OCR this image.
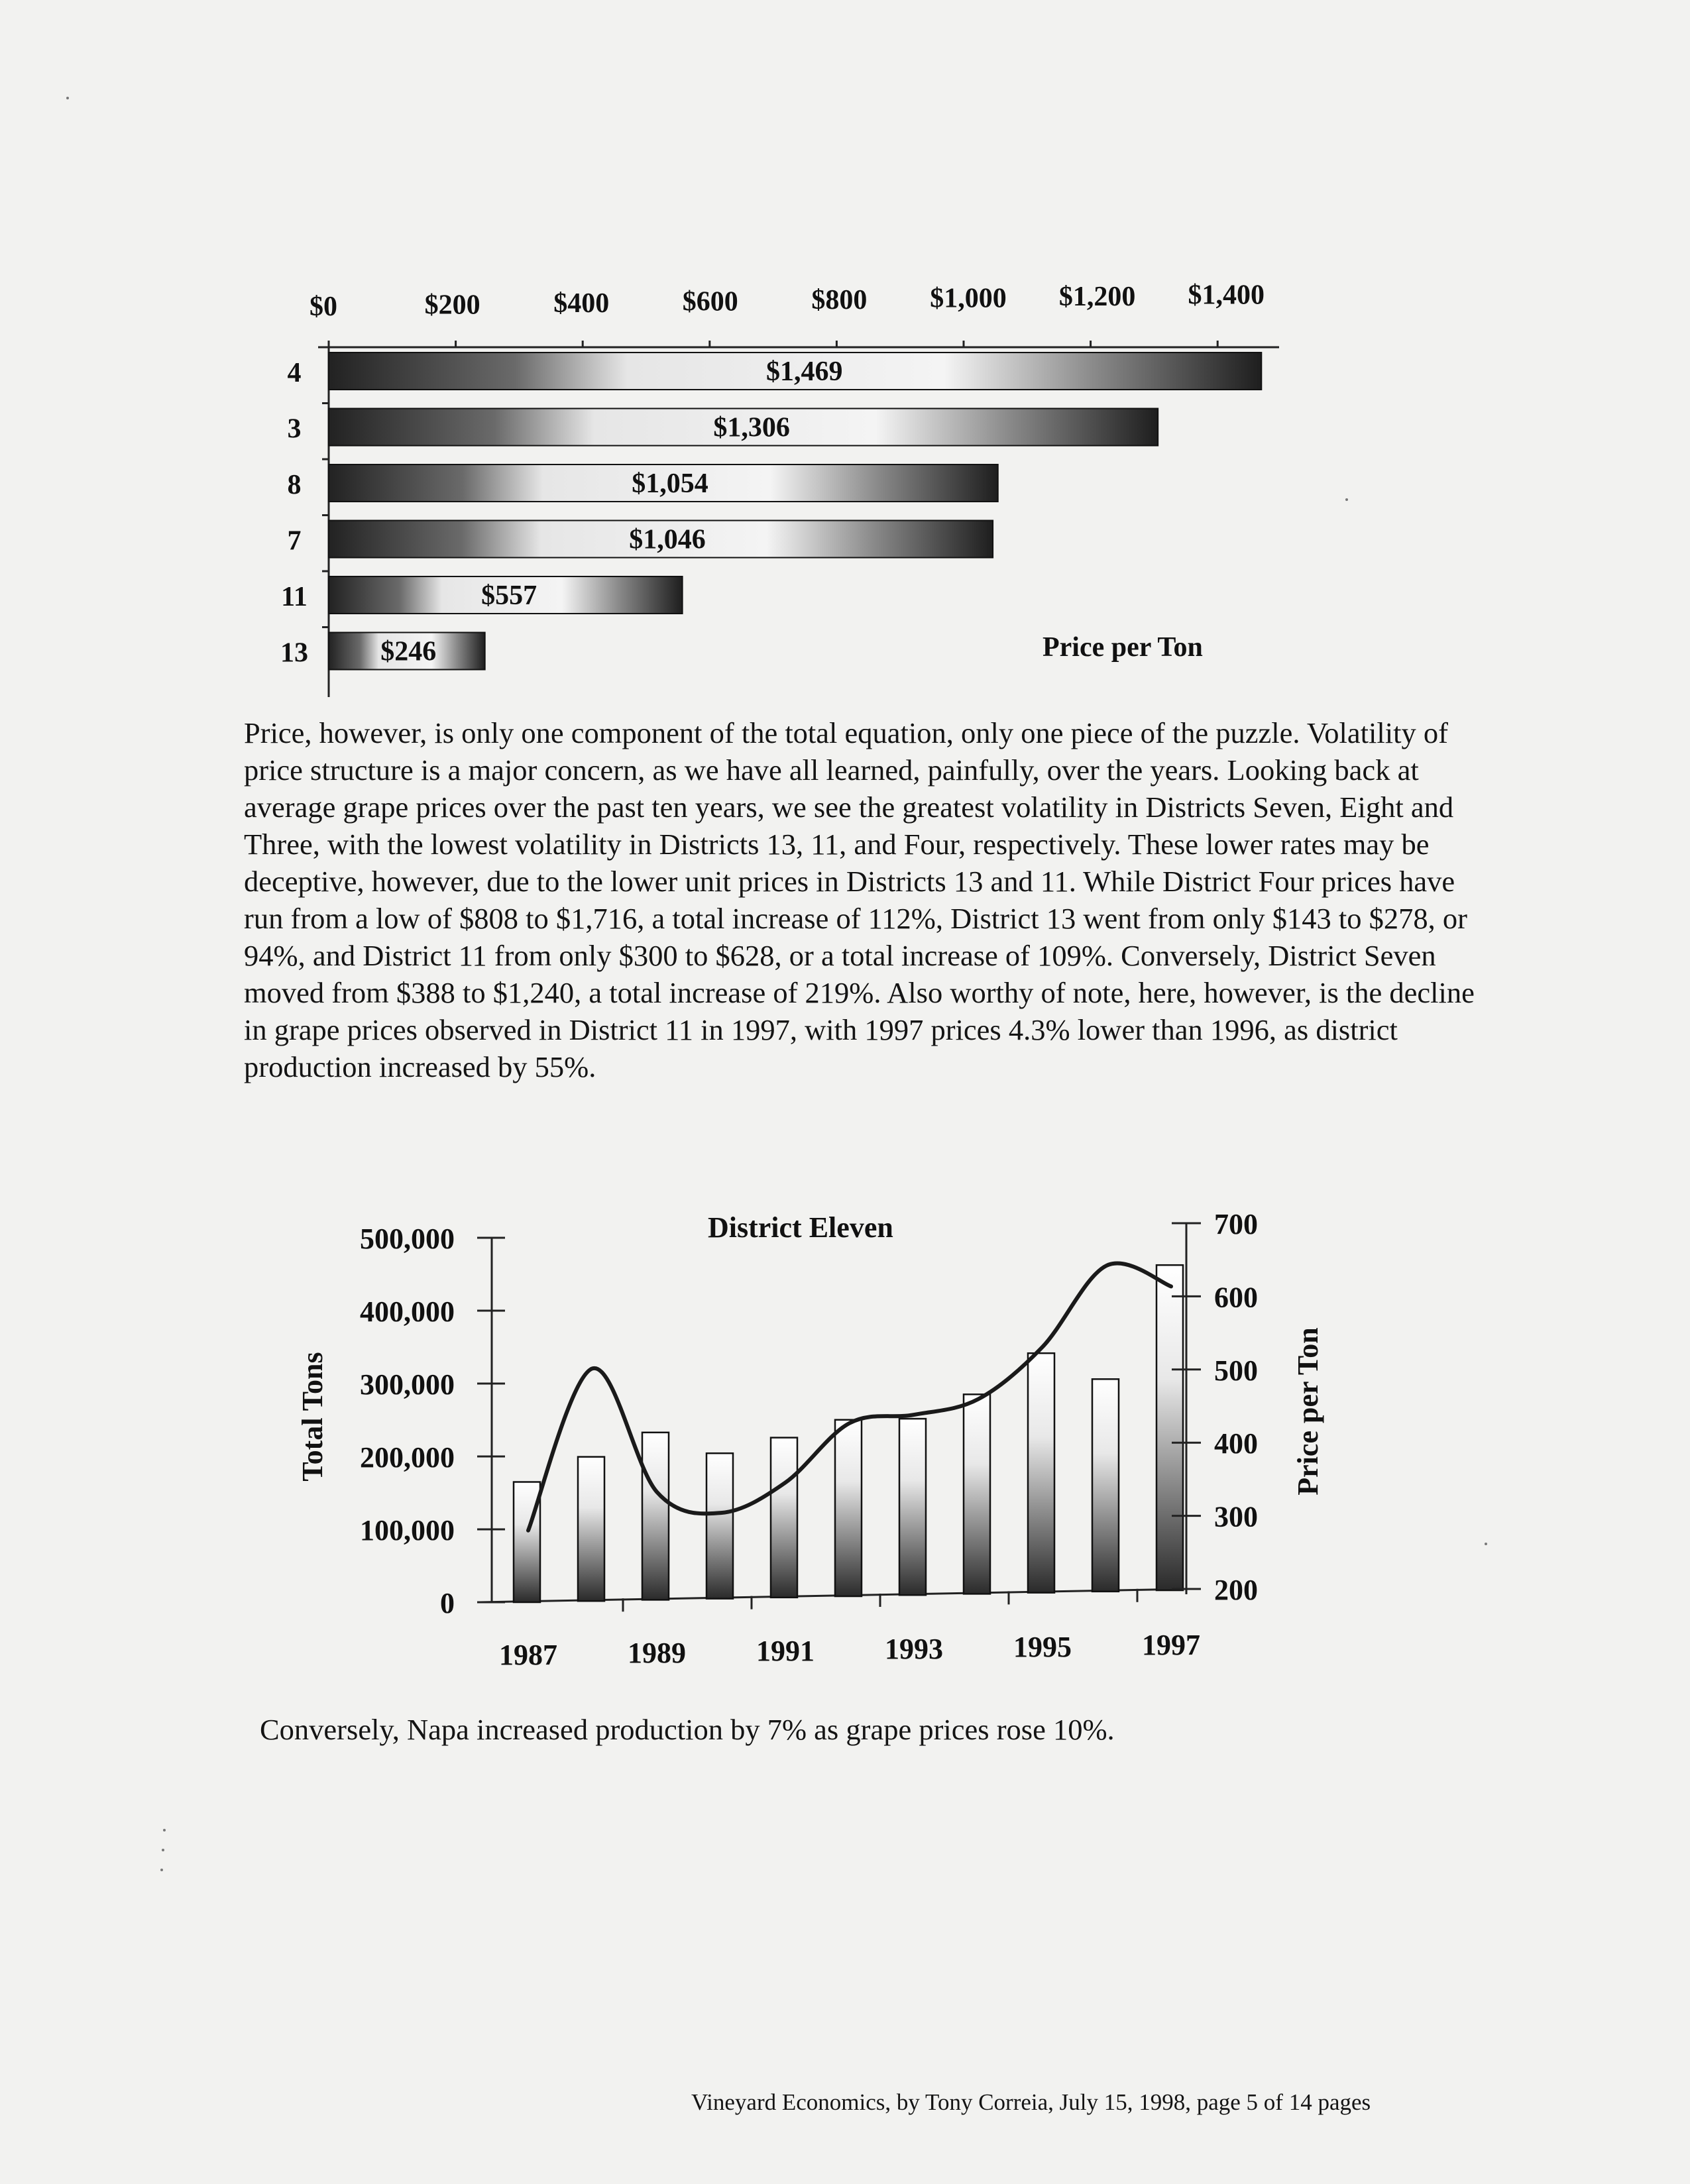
$0	$200	$400	$600	$800 $1,000 $1,200 $1,400
$1,469
$1,306
$1,054
$1,046
$557
$246
4
3
8
7
11
13	Price per Ton

Price, however, is only one component of the total equation, only one piece of the puzzle. Volatility of price structure is a major concern, as we have all learned, painfully, over the years. Looking back at average grape prices over the past ten years, we see the greatest volatility in Districts Seven, Eight and Three, with the lowest volatility in Districts 13, 11, and Four, respectively. These lower rates may be deceptive, however, due to the lower unit prices in Districts 13 and 11. While District Four prices have run from a low of $808 to $1,716, a total increase of 112%, District 13 went from only $143 to $278, or 94%, and District 11 from only $300 to $628, or a total increase of 109%. Conversely, District Seven moved from $388 to $1,240, a total increase of 219%. Also worthy of note, here, however, is the decline in grape prices observed in District 11 in 1997, with 1997 prices 4.3% lower than 1996, as district production increased by 55%.

District Eleven
0
100,000
200,000
300,000
400,000
500,000
200
300
400
500
600
700
1987 1989 1991 1993 1995 1997
Total Tons	Price per Ton

Conversely, Napa increased production by 7% as grape prices rose 10%.

Vineyard Economics, by Tony Correia, July 15, 1998, page 5 of 14 pages
